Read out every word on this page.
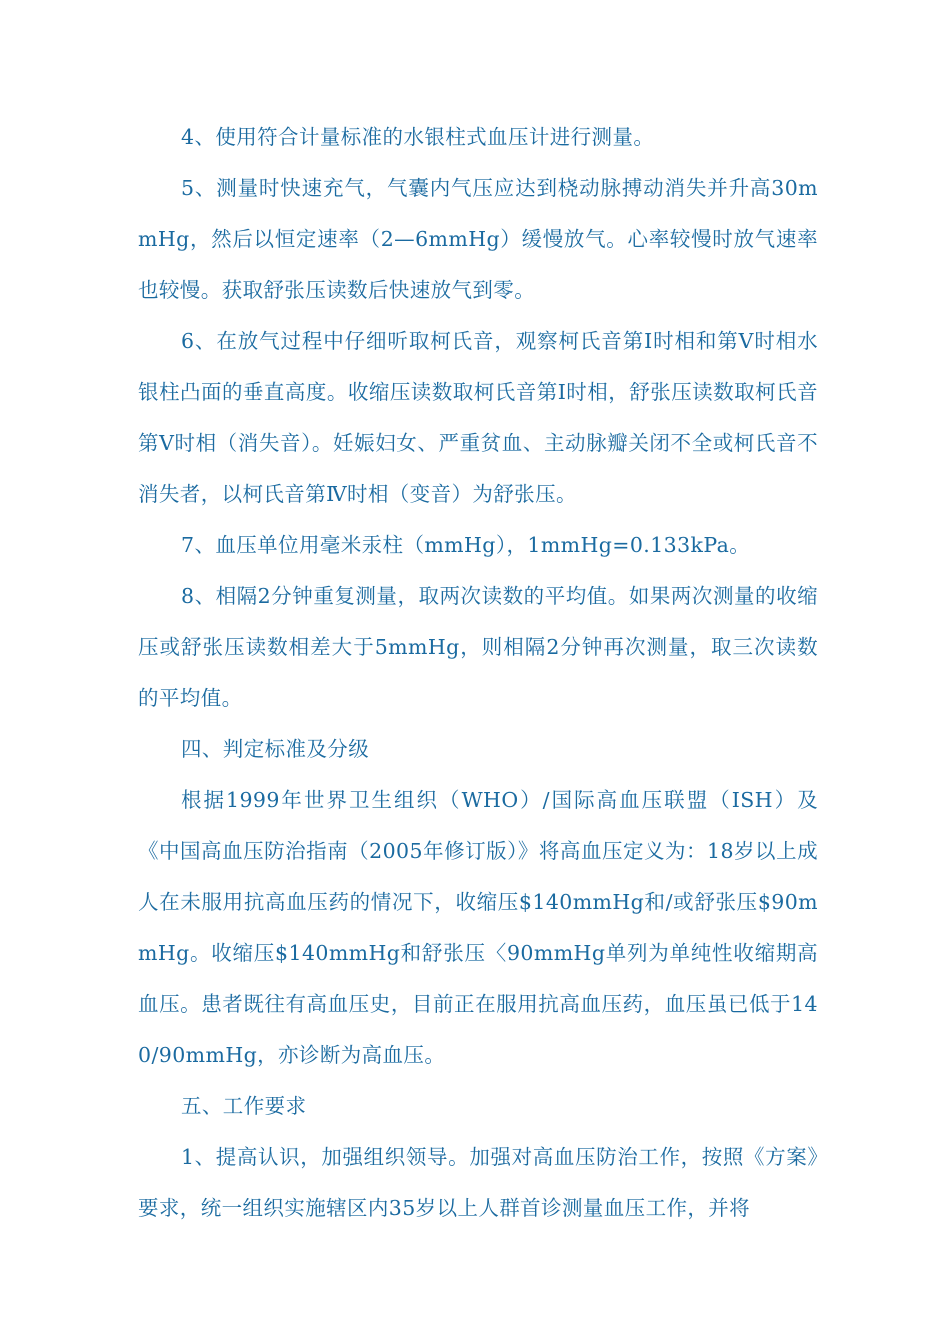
4、使用符合计量标准的水银柱式血压计进行测量。

5、测量时快速充气，气囊内气压应达到桡动脉搏动消失并升高30mmHg，然后以恒定速率（2—6mmHg）缓慢放气。心率较慢时放气速率也较慢。获取舒张压读数后快速放气到零。

6、在放气过程中仔细听取柯氏音，观察柯氏音第Ⅰ时相和第Ⅴ时相水银柱凸面的垂直高度。收缩压读数取柯氏音第Ⅰ时相，舒张压读数取柯氏音第Ⅴ时相（消失音）。妊娠妇女、严重贫血、主动脉瓣关闭不全或柯氏音不消失者，以柯氏音第Ⅳ时相（变音）为舒张压。

7、血压单位用毫米汞柱（mmHg），1mmHg=0.133kPa。

8、相隔2分钟重复测量，取两次读数的平均值。如果两次测量的收缩压或舒张压读数相差大于5mmHg，则相隔2分钟再次测量，取三次读数的平均值。

四、判定标准及分级

根据1999年世界卫生组织（WHO）/国际高血压联盟（ISH）及《中国高血压防治指南（2005年修订版）》将高血压定义为：18岁以上成人在未服用抗高血压药的情况下，收缩压$140mmHg和/或舒张压$90mmHg。收缩压$140mmHg和舒张压〈90mmHg单列为单纯性收缩期高血压。患者既往有高血压史，目前正在服用抗高血压药，血压虽已低于140/90mmHg，亦诊断为高血压。

五、工作要求

1、提高认识，加强组织领导。加强对高血压防治工作，按照《方案》要求，统一组织实施辖区内35岁以上人群首诊测量血压工作，并将
